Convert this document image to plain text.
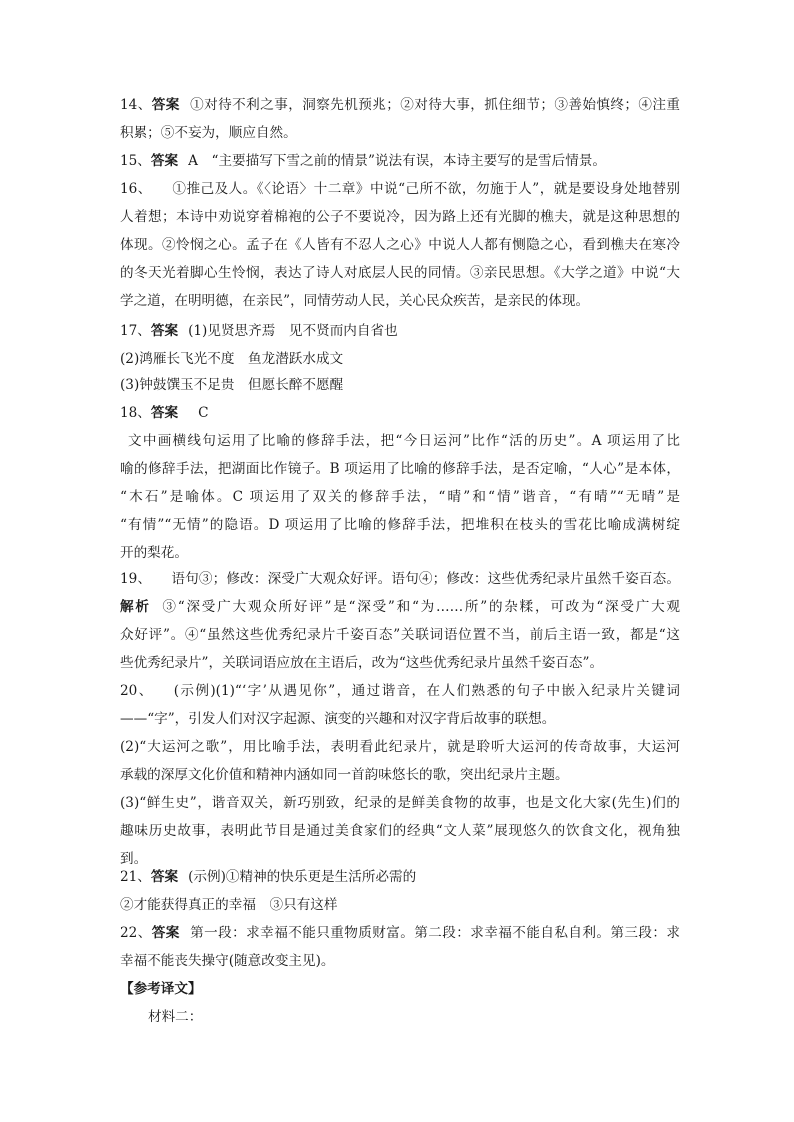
14、答案 ①对待不利之事，洞察先机预兆；②对待大事，抓住细节；③善始慎终；④注重
积累；⑤不妄为，顺应自然。
15、答案 A　“主要描写下雪之前的情景”说法有误，本诗主要写的是雪后情景。
16、 ①推己及人。《〈论语〉十二章》中说“己所不欲，勿施于人”，就是要设身处地替别
人着想；本诗中劝说穿着棉袍的公子不要说冷，因为路上还有光脚的樵夫，就是这种思想的
体现。②怜悯之心。孟子在《人皆有不忍人之心》中说人人都有恻隐之心，看到樵夫在寒冷
的冬天光着脚心生怜悯，表达了诗人对底层人民的同情。③亲民思想。《大学之道》中说“大
学之道，在明明德，在亲民”，同情劳动人民，关心民众疾苦，是亲民的体现。
17、答案 (1)见贤思齐焉　见不贤而内自省也
(2)鸿雁长飞光不度　鱼龙潜跃水成文
(3)钟鼓馔玉不足贵　但愿长醉不愿醒
18、答案 C
文中画横线句运用了比喻的修辞手法，把“今日运河”比作“活的历史”。A 项运用了比
喻的修辞手法，把湖面比作镜子。B 项运用了比喻的修辞手法，是否定喻，“人心”是本体，
“木石”是喻体。C 项运用了双关的修辞手法，“晴”和“情”谐音，“有晴”“无晴”是
“有情”“无情”的隐语。D 项运用了比喻的修辞手法，把堆积在枝头的雪花比喻成满树绽
开的梨花。
19、 语句③；修改：深受广大观众好评。语句④；修改：这些优秀纪录片虽然千姿百态。
解析 ③“深受广大观众所好评”是“深受”和“为……所”的杂糅，可改为“深受广大观
众好评”。④“虽然这些优秀纪录片千姿百态”关联词语位置不当，前后主语一致，都是“这
些优秀纪录片”，关联词语应放在主语后，改为“这些优秀纪录片虽然千姿百态”。
20、 (示例)(1)“‘字’从遇见你”，通过谐音，在人们熟悉的句子中嵌入纪录片关键词
——“字”，引发人们对汉字起源、演变的兴趣和对汉字背后故事的联想。
(2)“大运河之歌”，用比喻手法，表明看此纪录片，就是聆听大运河的传奇故事，大运河
承载的深厚文化价值和精神内涵如同一首韵味悠长的歌，突出纪录片主题。
(3)“鲜生史”，谐音双关，新巧别致，纪录的是鲜美食物的故事，也是文化大家(先生)们的
趣味历史故事，表明此节目是通过美食家们的经典“文人菜”展现悠久的饮食文化，视角独
到。
21、答案 (示例)①精神的快乐更是生活所必需的
②才能获得真正的幸福　③只有这样
22、答案 第一段：求幸福不能只重物质财富。第二段：求幸福不能自私自利。第三段：求
幸福不能丧失操守(随意改变主见)。
【参考译文】
材料二：
